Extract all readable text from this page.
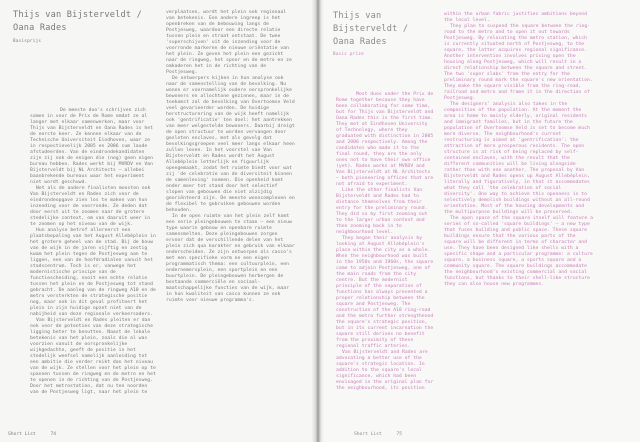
Thijs van Bijsterveldt /
Oana Rades
Basisprijs

De meeste duo's schrijven zich samen in voor de Prix de Rome omdat ze al langer met elkaar samenwerken, maar voor Thijs van Bijsterveldt en Oana Rades is het de eerste keer. Ze kennen elkaar van de Technische Universiteit Eindhoven, waar ze in respectievelijk 2005 en 2006 cum laude afstudeerden. Van de eindrondekandidaten zijn zij ook de enigen die (nog) geen eigen bureau hebben. Rades werkt bij MVRDV en Van Bijsterveldt bij NL Architects – allebei baanbrekende bureaus waar het experiment niet wordt geschuwd.

Net als de andere finalisten moesten ook Van Bijsterveldt en Rades zich voor de eindrondeopgave zien los te maken van hun inzending voor de voorronde. Ze deden dat door eerst uit te zoomen naar de grotere stedelijke context, om van daaruit weer in te zoomen op het niveau van de wijk.

Hun analyse betrof allereerst een plaatsbepaling van het August Allebéplein in het grotere geheel van de stad. Bij de bouw van de wijk in de jaren vijftig en zestig kwam het plein tegen de Postjesweg aan te liggen, een van de hoofdradialen vanuit het stadscentrum. Toch is er, vanwege het modernistische principe van de functiescheiding, nooit een echte relatie tussen het plein en de Postjesweg tot stand gebracht. De aanleg van de ringweg A10 en de metro versterkten de strategische positie nog, maar ook in dit geval profiteert het plein in zijn huidige opzet niet van de nabijheid van deze regionale verkeersaders.

Van Bijsterveldt en Rades pleiten er dan ook voor de potenties van deze strategische ligging beter te benutten. Naast de lokale betekenis van het plein, zoals die al was voorzien vanuit de oorspronkelijke wijkgedachte, geeft de positie in het stedelijk weefsel namelijk aanleiding tot een ambitie die verder reikt dan het niveau van de wijk. Ze stellen voor het plein op te spannen tussen de ringweg en de metro en het te openen in de richting van de Postjesweg. Door het metrostation, dat nu ten noorden van de Postjesweg ligt, naar het plein te

verplaatsen, wordt het plein ook regionaal van betekenis. Een andere ingreep is het openbreken van de bebouwing langs de Postjesweg, waardoor een directe relatie tussen plein en straat ontstaat. De twee 'superschijven' uit de inzending voor de voorronde markeren de nieuwe oriëntatie van het plein. Ze geven het plein een gezicht naar de ringweg, het spoor en de metro en ze omkaderen het in de richting van de Postjesweg.

De ontwerpers kijken in hun analyse ook naar de samenstelling van de bevolking. Nu wonen er voornamelijk oudere oorspronkelijke bewoners en allochtone gezinnen, maar in de toekomst zal de bevolking van Overtoomse Veld veel gevarieerder worden. De huidige herstructurering van de wijk heeft namelijk ook 'gentrificatie' ten doel: het aantrekken van meer welgestelde bewoners. Daarbij dreigt de open structuur te worden vervangen door gesloten enclaves, met als gevolg dat bevolkingsgroepen veel meer langs elkaar heen zullen leven. In het voorstel van Van Bijsterveldt en Rades wordt het August Allebéplein letterlijk en figuurlijk opengemaakt, zodat het ruimte biedt voor wat zij 'de celebratie van de diversiteit binnen de samenleving' noemen. Die openheid komt onder meer tot stand door het selectief slopen van gebouwen die niet alzijdig georiënteerd zijn. De meeste wooncomplexen en de flexibel te gebruiken gebouwen worden behouden.

In de open ruimte van het plein zelf komt een serie pleingebouwen te staan – een nieuw type waarin gebouw en openbare ruimte samensmelten. Deze pleingebouwen zorgen ervoor dat de verschillende delen van het plein zich qua karakter en gebruik van elkaar onderscheiden. Ze zijn ontworpen als casco's met een specifieke vorm en een eigen programmatisch thema: een cultuurplein, een ondernemersplein, een sportplein en een buurtplein. De pleingebouwen herbergen de bestaande commerciële en sociaal-maatschappelijke functies van de wijk, maar in hun kwaliteit van casco kunnen ze ook ruimte voor nieuwe programma's.

Short List	74
Thijs van
Bijsterveldt /
Oana Rades
Basic prize

Most duos under the Prix de Rome together because they have been collaborating for some time, but for Thijs van Bijsterveldt and Oana Rades this is the first time. They met at Eindhoven University of Technology, where they graduated with distinction in 2005 and 2006 respectively. Among the candidates who made it to the final round, they are the only ones not to have their own office (yet). Rades works at MVRDV and Van Bijsterveldt at NL Architects – both pioneering offices that are not afraid to experiment.

Like the other finalists Van Bijsterveldt and Rades had to distance themselves from their entry for the preliminary round. They did so by first zooming out to the larger urban context and then zooming back in to neighbourhood level.

They began their analysis by looking at August Allebéplein's place within the city as a whole. When the neighbourhood was built in the 1950s and 1960s, the square came to adjoin Postjesweg, one of the main roads from the city centre. But the modernist principle of the separation of functions has always prevented a proper relationship between the square and Postjesweg. The construction of the A10 ring-road and the metro further strengthened the square's strategic position, but in its current incarnation the square still derives no benefit from the proximity of these regional traffic arteries.

Van Bijsterveldt and Rades are advocating a better use of the square's strategic location. In addition to the square's local significance, which had been envisaged in the original plan for the neighbourhood, its position

within the urban fabric justifies ambitions beyond the local level.

They plan to suspend the square between the ring-road to the metro and to open it out towards Postjesweg. By relocating the metro station, which is currently situated north of Postjesweg, to the square, the latter acquires regional significance. Another intervention involves prising open the housing along Postjesweg, which will result in a direct relationship between the square and street. The two 'super slabs' from the entry for the preliminary round mark the square's new orientation. They make the square visible from the ring-road, railroad and metro and frame it in the direction of Postjesweg.

The designers' analysis also takes in the composition of the population. At the moment the area is home to mainly elderly, original residents and immigrant families, but in the future the population of Overtoomse Veld is set to become much more diverse. The neighbourhood's current restructuring is aimed at 'gentrification': the attraction of more prosperous residents. The open structure is at risk of being replaced by self-contained enclaves, with the result that the different communities will be living alongside rather than with one another. The proposal by Van Bijsterveldt and Rades opens up August Allebéplein, literally and figuratively, in that it accommodates what they call 'the celebration of social diversity'. One way to achieve this openness is to selectively demolish buildings without an all-round orientation. Most of the housing developments and the multipurpose buildings will be preserved.

The open space of the square itself will feature a series of so-called 'square buildings' – a new type that fuses building and public space. These square buildings ensure that the various parts of the square will be different in terms of character and use. They have been designed like shells with a specific shape and a particular programme: a culture square, a business square, a sports square and a community square. The square buildings accommodate the neighbourhood's existing commercial and social functions, but thanks to their shell-like structure they can also house new programmes.

Short List	75
